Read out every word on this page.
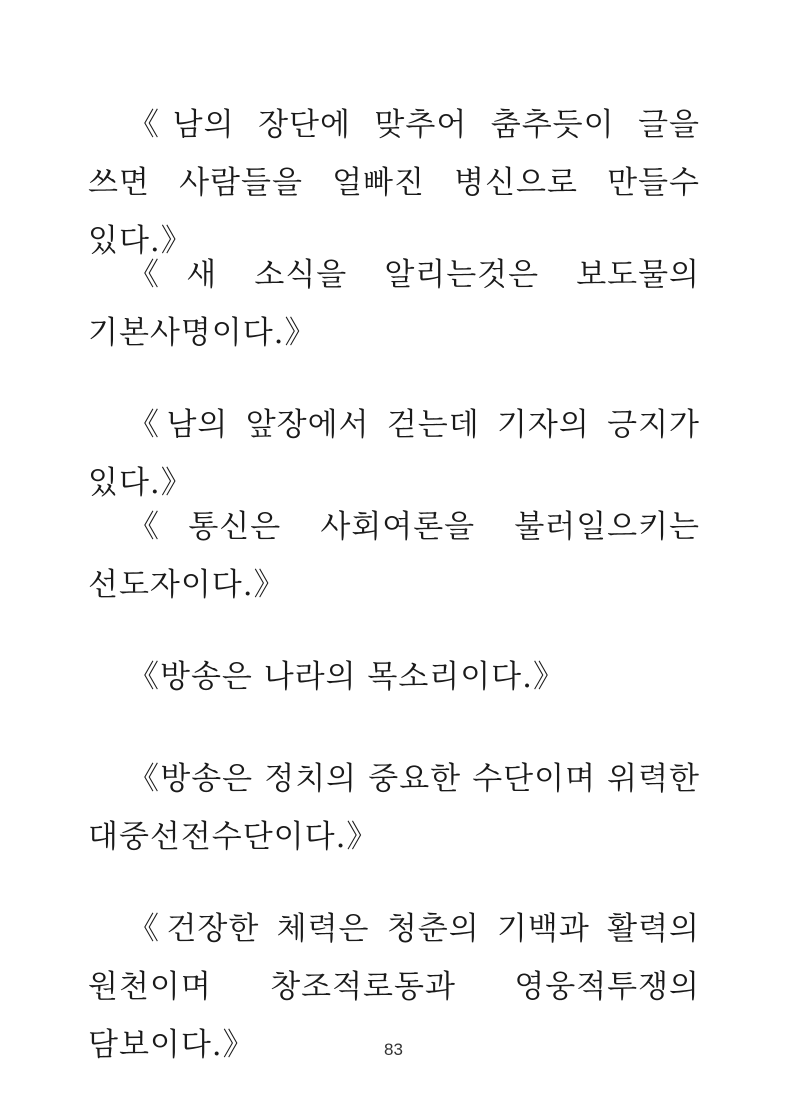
《남의 장단에 맞추어 춤추듯이 글을 쓰면 사람들을 얼빠진 병신으로 만들수 있다.》

《새 소식을 알리는것은 보도물의 기본사명이다.》

《남의 앞장에서 걷는데 기자의 긍지가 있다.》

《통신은 사회여론을 불러일으키는 선도자이다.》

《방송은 나라의 목소리이다.》

《방송은 정치의 중요한 수단이며 위력한 대중선전수단이다.》

《건장한 체력은 청춘의 기백과 활력의 원천이며 창조적로동과 영웅적투쟁의 담보이다.》	83
